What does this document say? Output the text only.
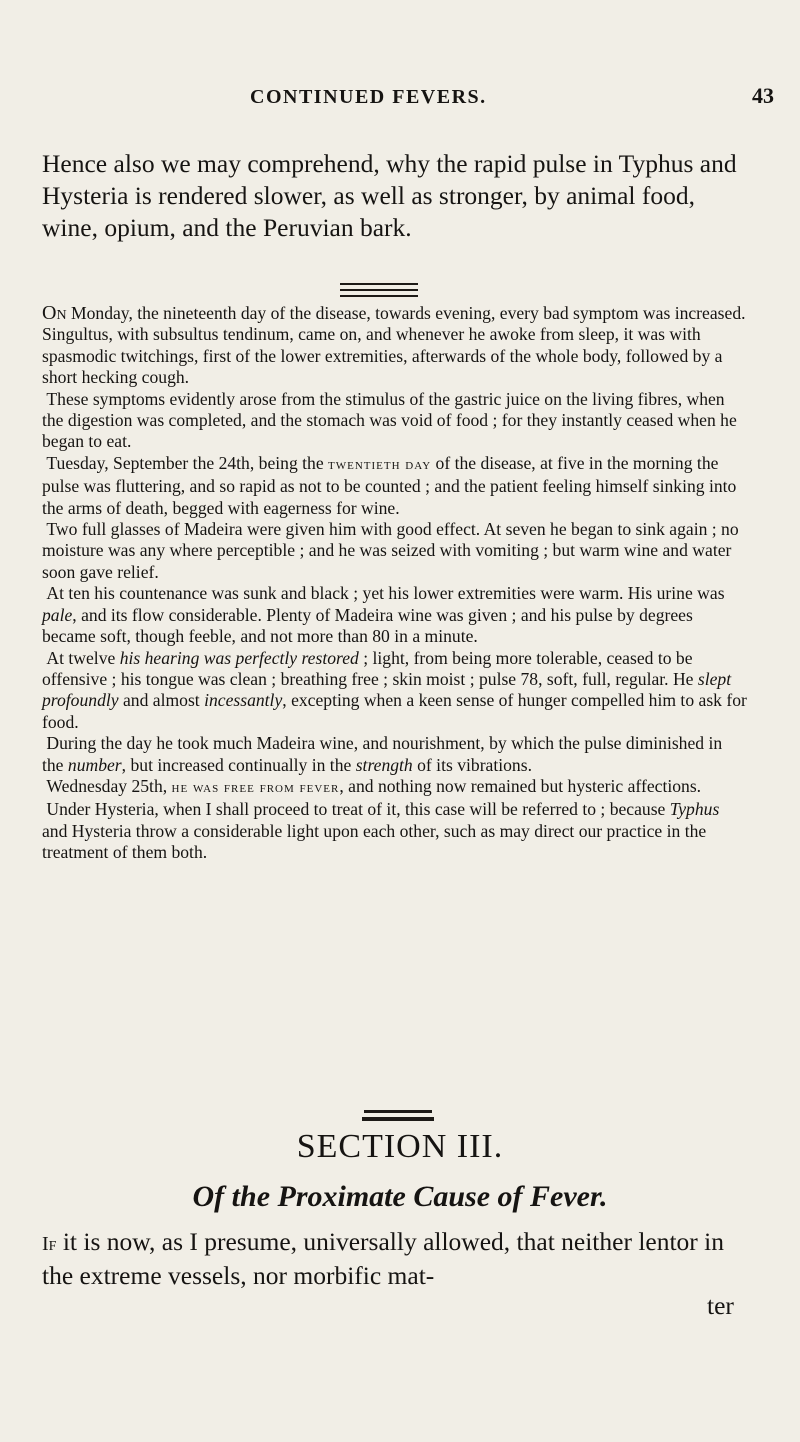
CONTINUED FEVERS.	43
Hence also we may comprehend, why the rapid pulse in Typhus and Hysteria is rendered slower, as well as stronger, by animal food, wine, opium, and the Peruvian bark.

On Monday, the nineteenth day of the disease, towards evening, every bad symptom was increased. Singultus, with subsultus tendinum, came on, and whenever he awoke from sleep, it was with spasmodic twitchings, first of the lower extremities, afterwards of the whole body, followed by a short hecking cough.

These symptoms evidently arose from the stimulus of the gastric juice on the living fibres, when the digestion was completed, and the stomach was void of food ; for they instantly ceased when he began to eat.

Tuesday, September the 24th, being the twentieth day of the disease, at five in the morning the pulse was fluttering, and so rapid as not to be counted ; and the patient feeling himself sinking into the arms of death, begged with eagerness for wine.

Two full glasses of Madeira were given him with good effect. At seven he began to sink again ; no moisture was any where perceptible ; and he was seized with vomiting ; but warm wine and water soon gave relief.

At ten his countenance was sunk and black ; yet his lower extremities were warm. His urine was pale, and its flow considerable. Plenty of Madeira wine was given ; and his pulse by degrees became soft, though feeble, and not more than 80 in a minute.

At twelve his hearing was perfectly restored ; light, from being more tolerable, ceased to be offensive ; his tongue was clean ; breathing free ; skin moist ; pulse 78, soft, full, regular. He slept profoundly and almost incessantly, excepting when a keen sense of hunger compelled him to ask for food.

During the day he took much Madeira wine, and nourishment, by which the pulse diminished in the number, but increased continually in the strength of its vibrations.

Wednesday 25th, he was free from fever, and nothing now remained but hysteric affections.

Under Hysteria, when I shall proceed to treat of it, this case will be referred to ; because Typhus and Hysteria throw a considerable light upon each other, such as may direct our practice in the treatment of them both.

SECTION III.
Of the Proximate Cause of Fever.
If it is now, as I presume, universally allowed, that neither lentor in the extreme vessels, nor morbific mat-
ter
